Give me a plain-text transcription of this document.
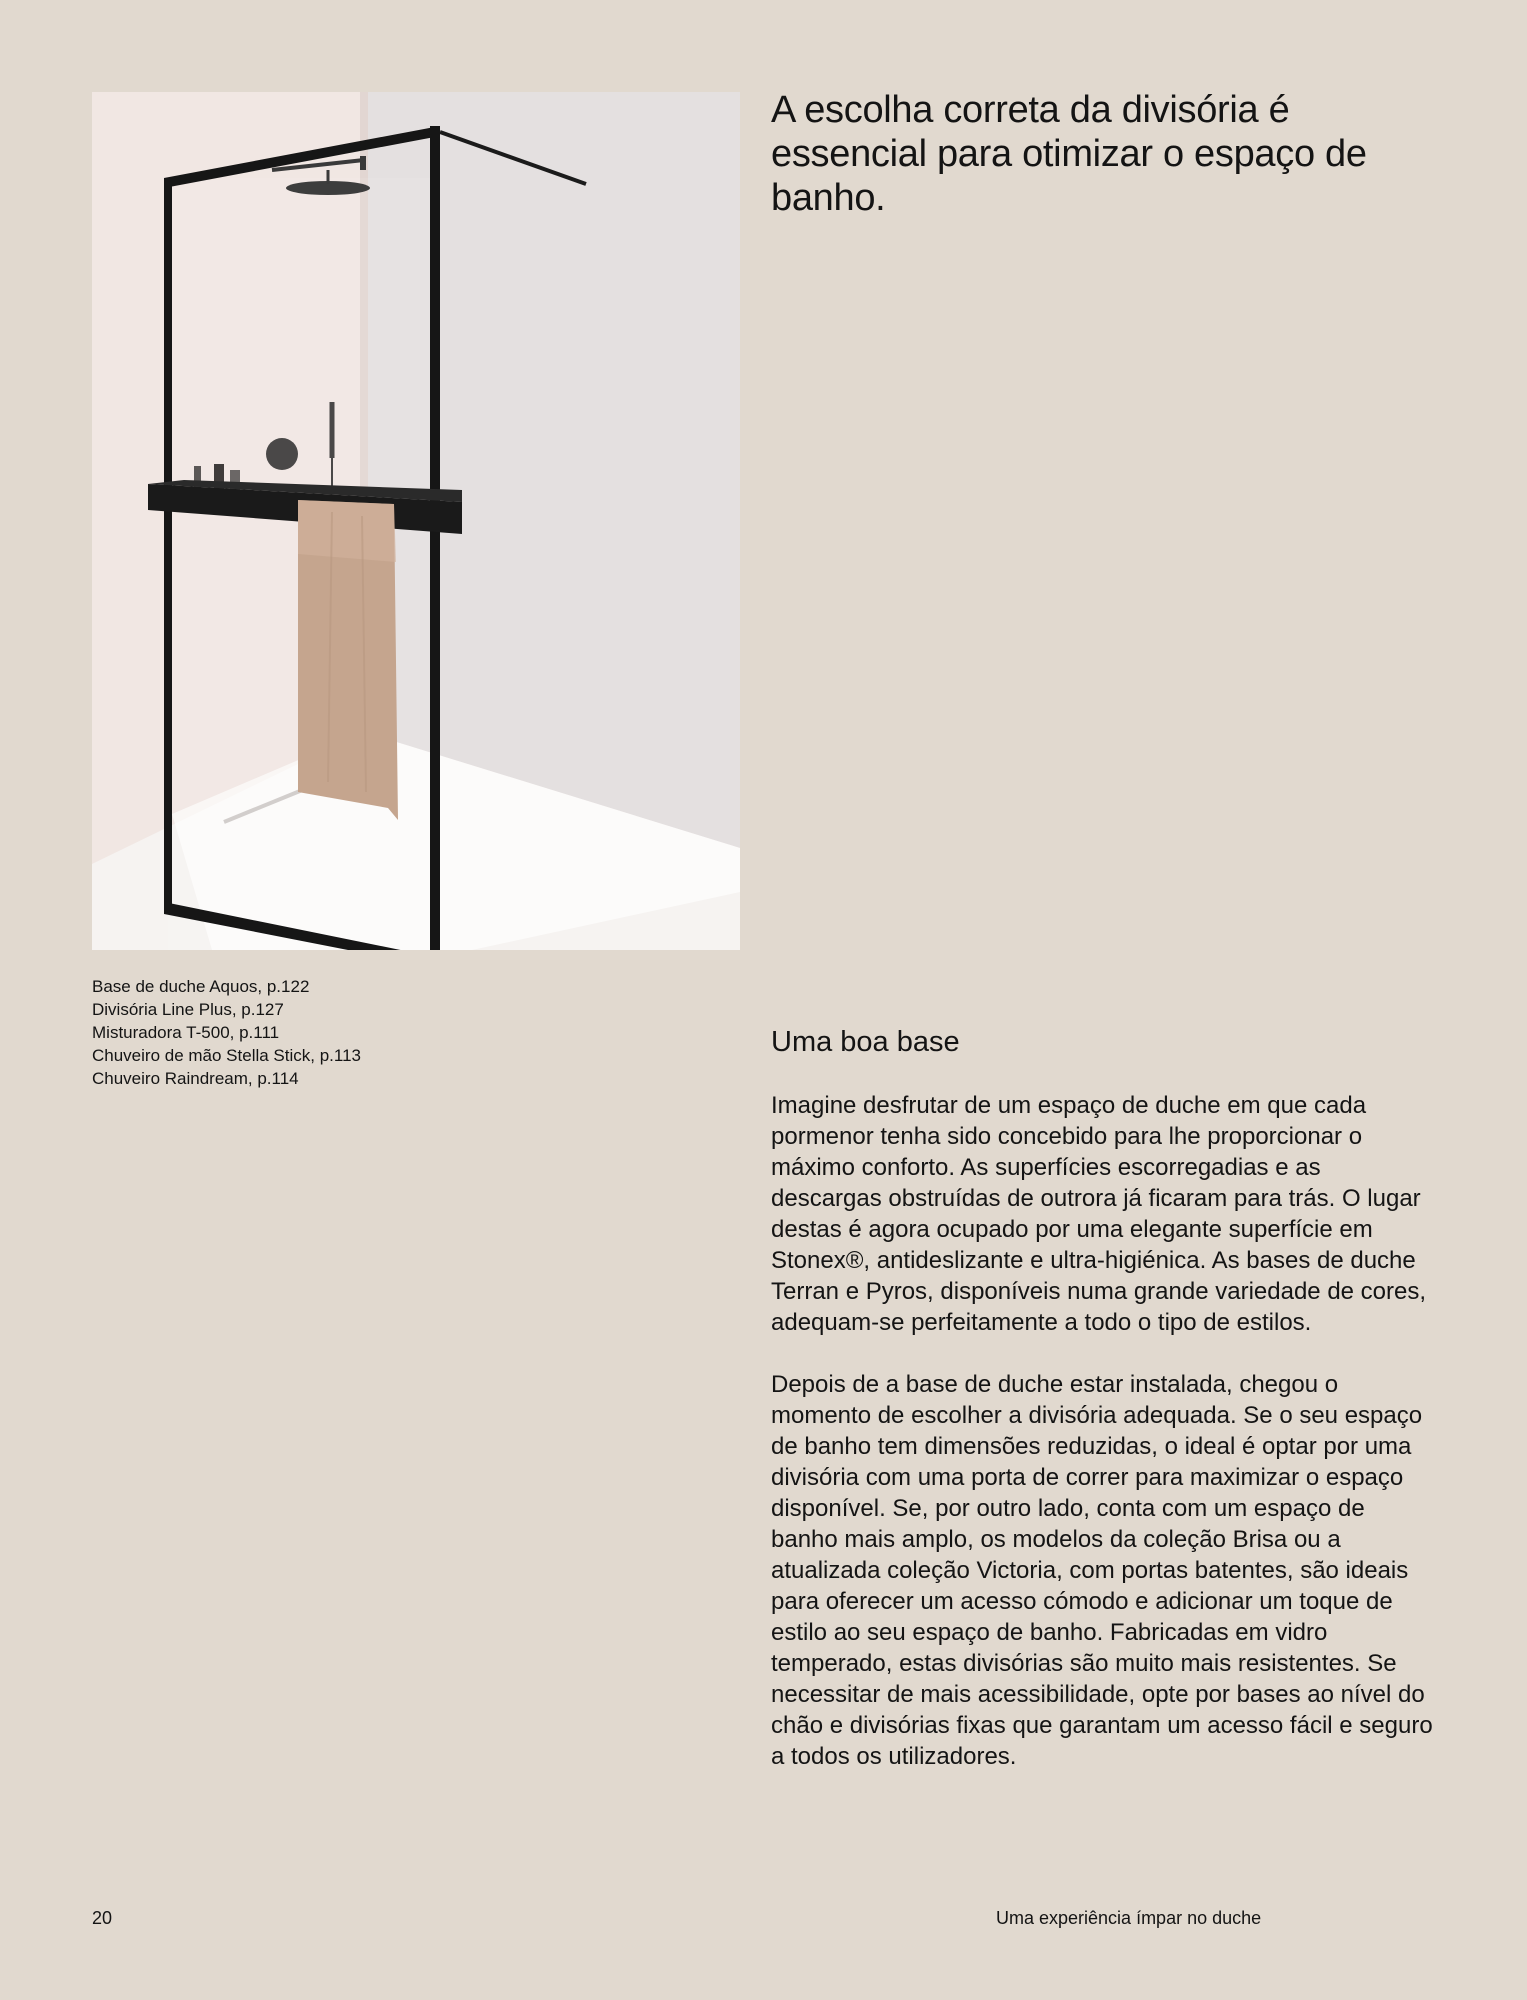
A escolha correta da divisória é essencial para otimizar o espaço de banho.
Base de duche Aquos, p.122
Divisória Line Plus, p.127
Misturadora T-500, p.111
Chuveiro de mão Stella Stick, p.113
Chuveiro Raindream, p.114
Uma boa base

Imagine desfrutar de um espaço de duche em que cada pormenor tenha sido concebido para lhe proporcionar o máximo conforto. As superfícies escorregadias e as descargas obstruídas de outrora já ficaram para trás. O lugar destas é agora ocupado por uma elegante superfície em Stonex®, antideslizante e ultra-higiénica. As bases de duche Terran e Pyros, disponíveis numa grande variedade de cores, adequam-se perfeitamente a todo o tipo de estilos.

Depois de a base de duche estar instalada, chegou o momento de escolher a divisória adequada. Se o seu espaço de banho tem dimensões reduzidas, o ideal é optar por uma divisória com uma porta de correr para maximizar o espaço disponível. Se, por outro lado, conta com um espaço de banho mais amplo, os modelos da coleção Brisa ou a atualizada coleção Victoria, com portas batentes, são ideais para oferecer um acesso cómodo e adicionar um toque de estilo ao seu espaço de banho. Fabricadas em vidro temperado, estas divisórias são muito mais resistentes. Se necessitar de mais acessibilidade, opte por bases ao nível do chão e divisórias fixas que garantam um acesso fácil e seguro a todos os utilizadores.

20	Uma experiência ímpar no duche
